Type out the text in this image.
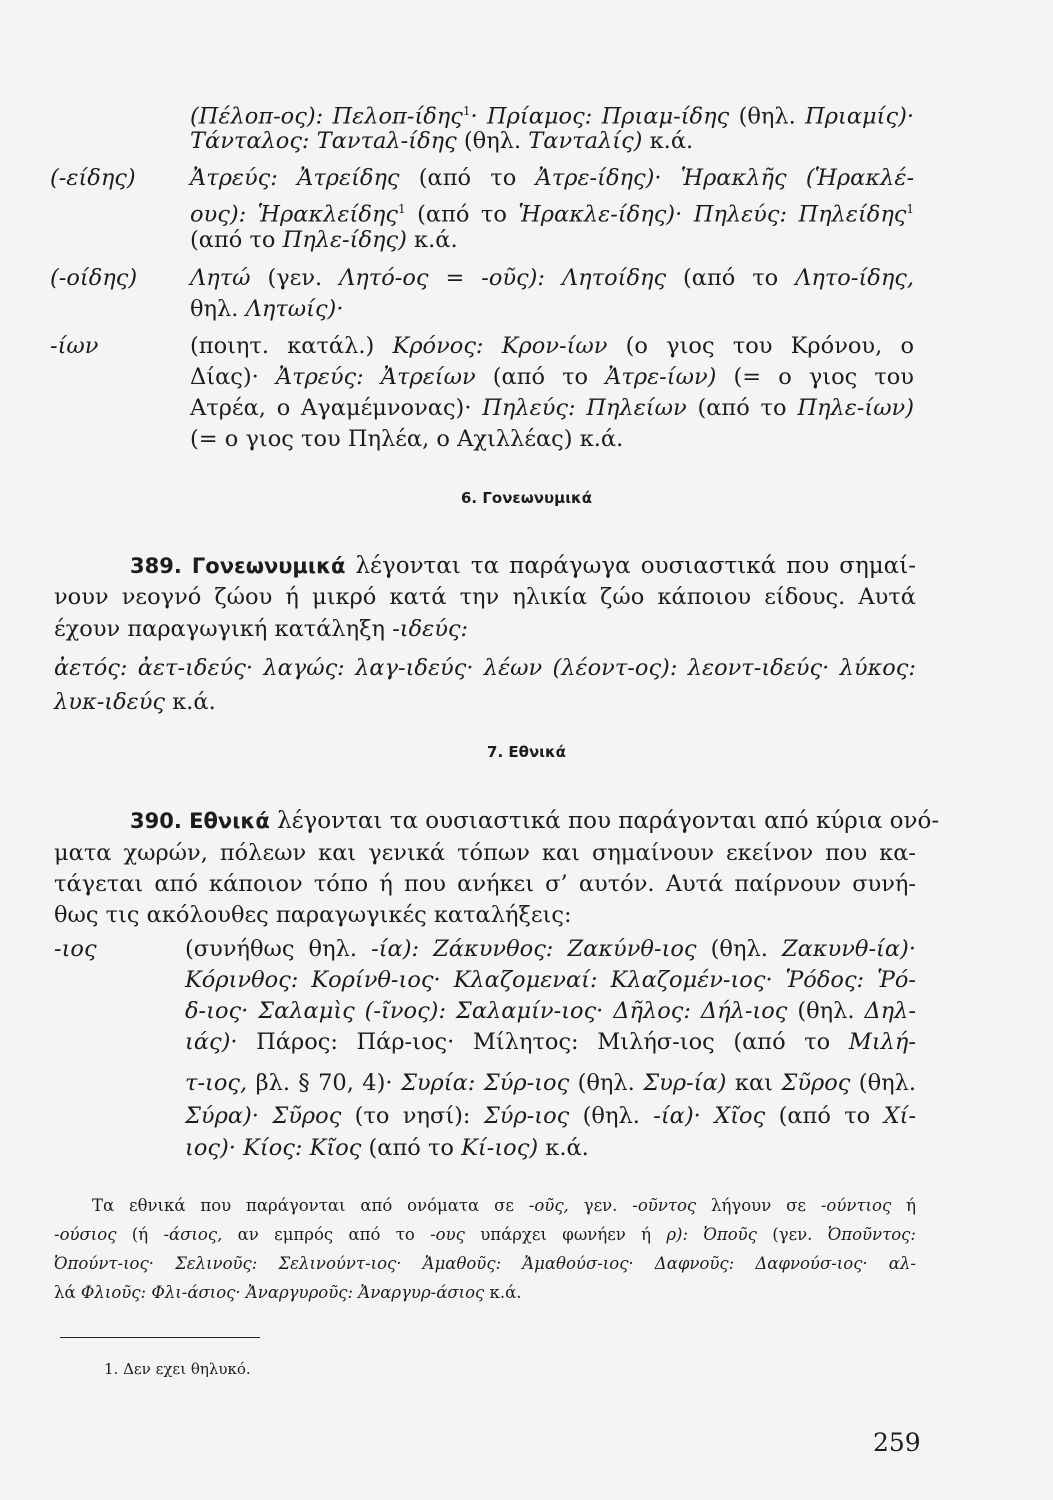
(Πέλοπ-ος): Πελοπ-ίδης$^1$· Πρίαμος: Πριαμ-ίδης (θηλ. Πριαμίς)·
Τάνταλος: Ταντaλ-ίδης (θηλ. Ταντaλίς) κ.ά.
(-είδης) Ἀτρεύς: Ἀτρείδης (από το Ἀτρε-ίδης)· Ἡρακλῆς (Ἡρακλέ-
ους): Ἡρακλείδης$^1$ (από το Ἡρακλε-ίδης)· Πηλεύς: Πηλείδης$^1$
(από το Πηλε-ίδης) κ.ά.
(-οίδης) Λητώ (γεν. Λητό-ος = -οῦς): Λητοίδης (από το Λητο-ίδης,
θηλ. Λητωίς)·
-ίων	(ποιητ. κατάλ.) Κρόνος: Κρον-ίων (ο γιος του Κρόνου, ο
Δίας)· Ἀτρεύς: Ἀτρείων (από το Ἀτρε-ίων) (= ο γιος του
Ατρέα, ο Αγαμέμνονας)· Πηλεύς: Πηλείων (από το Πηλε-ίων)
(= ο γιος του Πηλέα, ο Αχιλλέας) κ.ά.
6. Γονεωνυμικά
389. Γονεωνυμικά λέγονται τα παράγωγα ουσιαστικά που σημαί-
νουν νεογνό ζώου ή μικρό κατά την ηλικία ζώο κάποιου είδους. Αυτά
έχουν παραγωγική κατάληξη -ιδεύς:
ἀετός: ἀετ-ιδεύς· λαγώς: λαγ-ιδεύς· λέων (λέοντ-ος): λεοντ-ιδεύς· λύκος:
λυκ-ιδεύς κ.ά.
7. Εθνικά
390. Εθνικά λέγονται τα ουσιαστικά που παράγονται από κύρια ονό-
ματα χωρών, πόλεων και γενικά τόπων και σημαίνουν εκείνον που κα-
τάγεται από κάποιον τόπο ή που ανήκει σ’ αυτόν. Αυτά παίρνουν συνή-
θως τις ακόλουθες παραγωγικές καταλήξεις:
-ιος	(συνήθως θηλ. -ία): Ζάκυνθος: Ζακύνθ-ιος (θηλ. Ζακυνθ-ία)·
Κόρινθος: Κορίνθ-ιος· Κλαζομεναί: Κλαζομέν-ιος· Ῥόδος: Ῥό-
δ-ιος· Σαλαμὶς (-ῖνος): Σαλαμίν-ιος· Δῆλος: Δήλ-ιος (θηλ. Δηλ-
ιάς)· Πάρος: Πάρ-ιος· Μίλητος: Μιλήσ-ιος (από το Μιλή-
τ-ιος, βλ. § 70, 4)· Συρία: Σύρ-ιος (θηλ. Συρ-ία) και Σῦρος (θηλ.
Σύρα)· Σῦρος (το νησί): Σύρ-ιος (θηλ. -ία)· Χῖος (από το Χί-
ιος)· Κίος: Κῖος (από το Κί-ιος) κ.ά.
Τα εθνικά που παράγονται από ονόματα σε -οῦς, γεν. -οῦντος λήγουν σε -ούντιος ή
-ούσιος (ή -άσιος, αν εμπρός από το -ους υπάρχει φωνήεν ή ρ): Ὀποῦς (γεν. Ὀποῦντος:
Ὀπούντ-ιος· Σελινοῦς: Σελινούντ-ιος· Ἀμαθοῦς: Ἀμαθούσ-ιος· Δαφνοῦς: Δαφνούσ-ιος· αλ-
λά Φλιοῦς: Φλι-άσιος· Ἀναργυροῦς: Ἀναργυρ-άσιος κ.ά.
1. Δεν εχει θηλυκό.
259
